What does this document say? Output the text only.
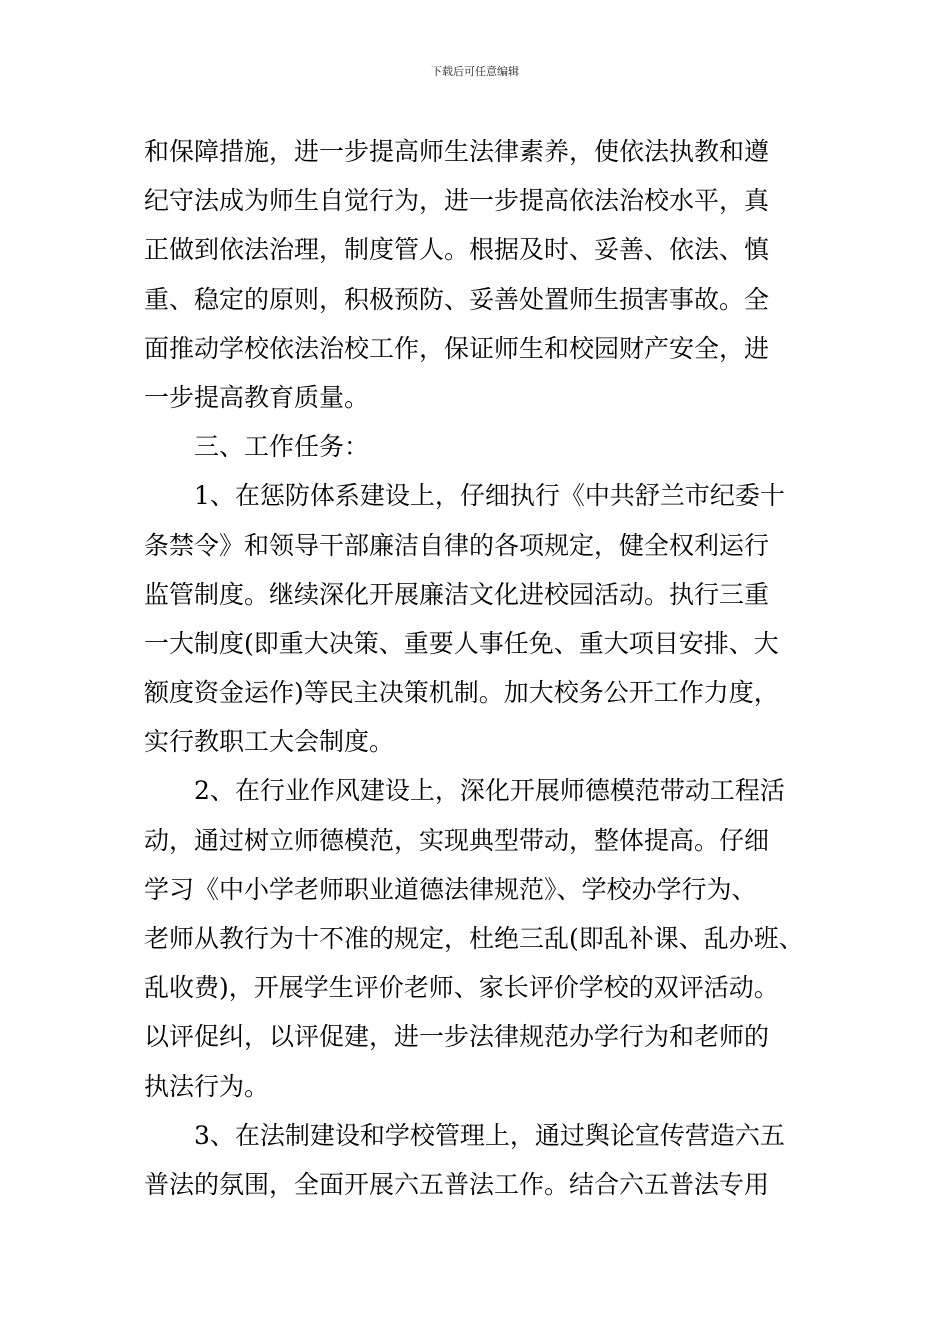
下载后可任意编辑
和保障措施，进一步提高师生法律素养，使依法执教和遵
纪守法成为师生自觉行为，进一步提高依法治校水平，真
正做到依法治理，制度管人。根据及时、妥善、依法、慎
重、稳定的原则，积极预防、妥善处置师生损害事故。全
面推动学校依法治校工作，保证师生和校园财产安全，进
一步提高教育质量。
三、工作任务：
1、在惩防体系建设上，仔细执行《中共舒兰市纪委十
条禁令》和领导干部廉洁自律的各项规定，健全权利运行
监管制度。继续深化开展廉洁文化进校园活动。执行三重
一大制度(即重大决策、重要人事任免、重大项目安排、大
额度资金运作)等民主决策机制。加大校务公开工作力度，
实行教职工大会制度。
2、在行业作风建设上，深化开展师德模范带动工程活
动，通过树立师德模范，实现典型带动，整体提高。仔细
学习《中小学老师职业道德法律规范》、学校办学行为、
老师从教行为十不准的规定，杜绝三乱(即乱补课、乱办班、
乱收费)，开展学生评价老师、家长评价学校的双评活动。
以评促纠，以评促建，进一步法律规范办学行为和老师的
执法行为。
3、在法制建设和学校管理上，通过舆论宣传营造六五
普法的氛围，全面开展六五普法工作。结合六五普法专用
